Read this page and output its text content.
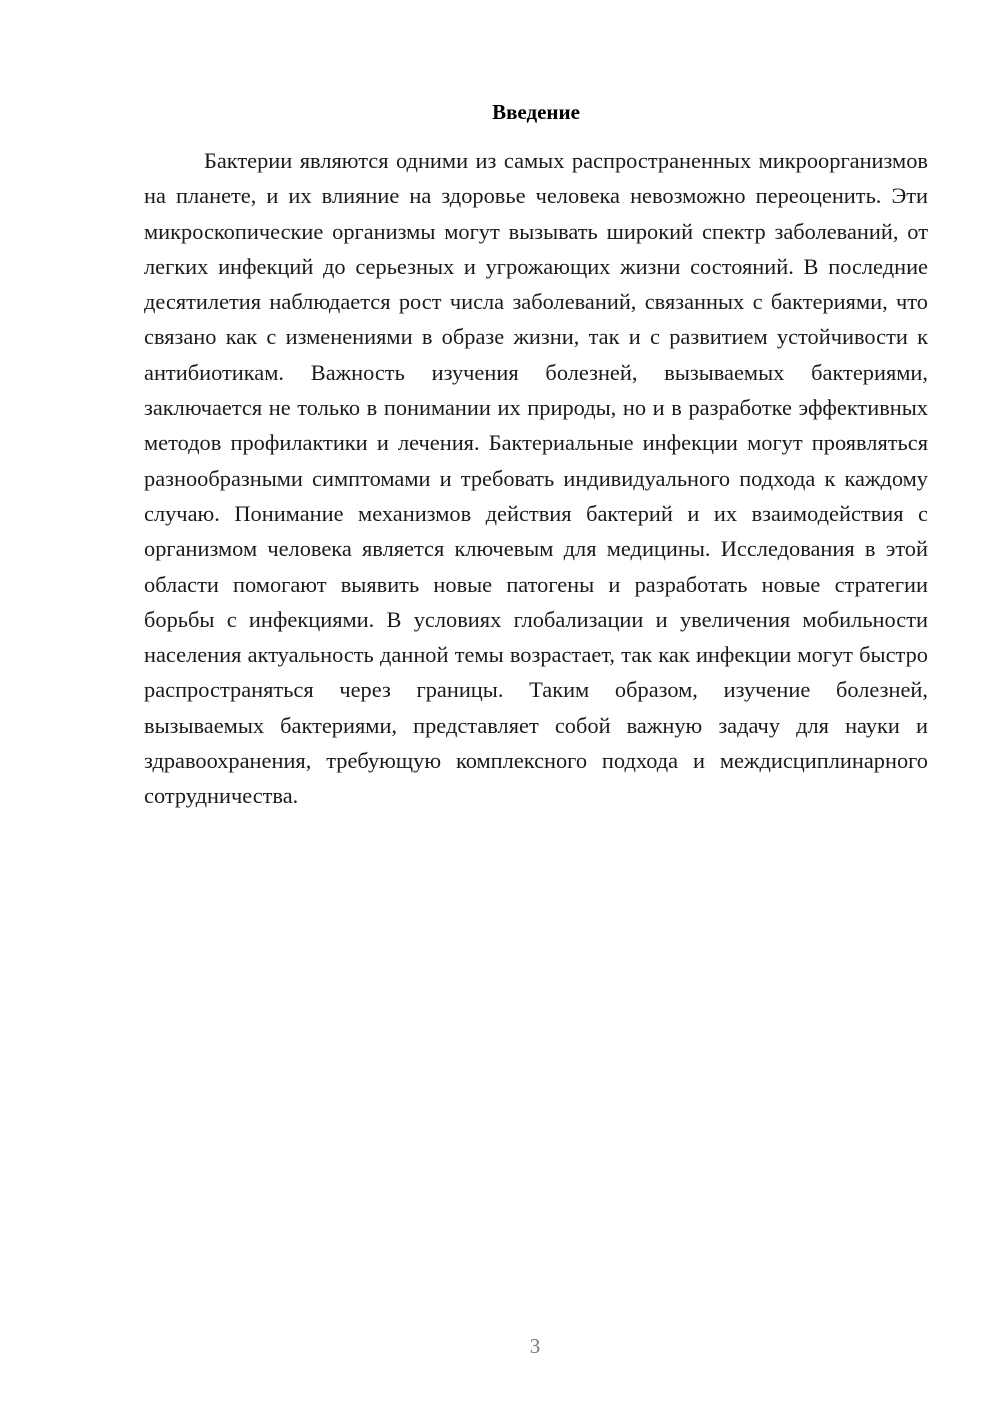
Введение

Бактерии являются одними из самых распространенных микроорганизмов на планете, и их влияние на здоровье человека невозможно переоценить. Эти микроскопические организмы могут вызывать широкий спектр заболеваний, от легких инфекций до серьезных и угрожающих жизни состояний. В последние десятилетия наблюдается рост числа заболеваний, связанных с бактериями, что связано как с изменениями в образе жизни, так и с развитием устойчивости к антибиотикам. Важность изучения болезней, вызываемых бактериями, заключается не только в понимании их природы, но и в разработке эффективных методов профилактики и лечения. Бактериальные инфекции могут проявляться разнообразными симптомами и требовать индивидуального подхода к каждому случаю. Понимание механизмов действия бактерий и их взаимодействия с организмом человека является ключевым для медицины. Исследования в этой области помогают выявить новые патогены и разработать новые стратегии борьбы с инфекциями. В условиях глобализации и увеличения мобильности населения актуальность данной темы возрастает, так как инфекции могут быстро распространяться через границы. Таким образом, изучение болезней, вызываемых бактериями, представляет собой важную задачу для науки и здравоохранения, требующую комплексного подхода и междисциплинарного сотрудничества.

3
